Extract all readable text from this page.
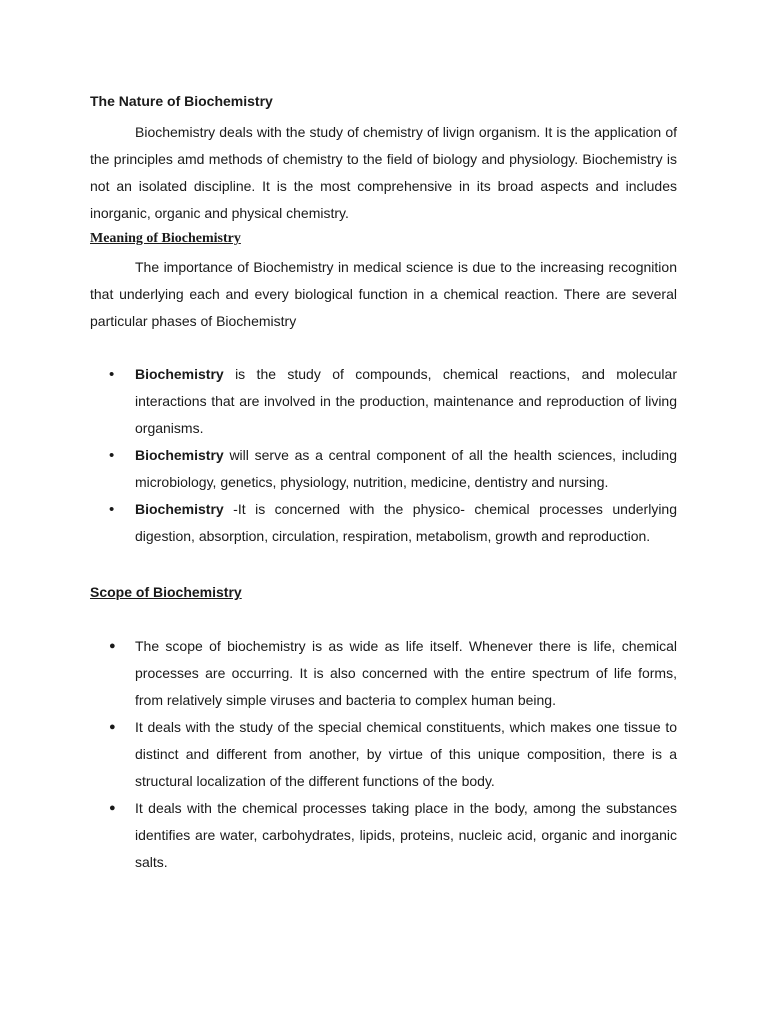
The Nature of Biochemistry

Biochemistry deals with the study of chemistry of livign organism. It is the application of the principles amd methods of chemistry to the field of biology and physiology. Biochemistry is not an isolated discipline. It is the most comprehensive in its broad aspects and includes inorganic, organic and physical chemistry.

Meaning of Biochemistry

The importance of Biochemistry in medical science is due to the increasing recognition that underlying each and every biological function in a chemical reaction. There are several particular phases of Biochemistry

• Biochemistry is the study of compounds, chemical reactions, and molecular interactions that are involved in the production, maintenance and reproduction of living organisms.
• Biochemistry will serve as a central component of all the health sciences, including microbiology, genetics, physiology, nutrition, medicine, dentistry and nursing.
• Biochemistry -It is concerned with the physico- chemical processes underlying digestion, absorption, circulation, respiration, metabolism, growth and reproduction.
Scope of Biochemistry
● The scope of biochemistry is as wide as life itself. Whenever there is life, chemical processes are occurring. It is also concerned with the entire spectrum of life forms, from relatively simple viruses and bacteria to complex human being.
● It deals with the study of the special chemical constituents, which makes one tissue to distinct and different from another, by virtue of this unique composition, there is a structural localization of the different functions of the body.
● It deals with the chemical processes taking place in the body, among the substances identifies are water, carbohydrates, lipids, proteins, nucleic acid, organic and inorganic salts.
